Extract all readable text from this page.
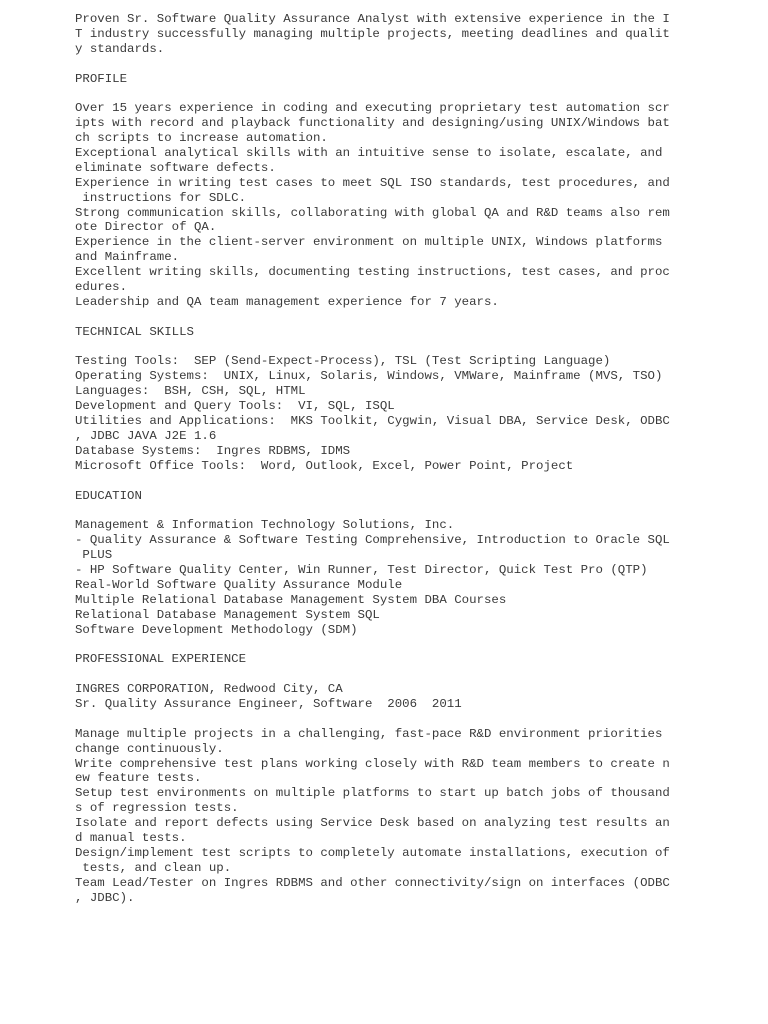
Proven Sr. Software Quality Assurance Analyst with extensive experience in the I
T industry successfully managing multiple projects, meeting deadlines and qualit
y standards.
PROFILE
Over 15 years experience in coding and executing proprietary test automation scr
ipts with record and playback functionality and designing/using UNIX/Windows bat
ch scripts to increase automation.
Exceptional analytical skills with an intuitive sense to isolate, escalate, and
eliminate software defects.
Experience in writing test cases to meet SQL ISO standards, test procedures, and
instructions for SDLC.
Strong communication skills, collaborating with global QA and R&D teams also rem
ote Director of QA.
Experience in the client-server environment on multiple UNIX, Windows platforms
and Mainframe.
Excellent writing skills, documenting testing instructions, test cases, and proc
edures.
Leadership and QA team management experience for 7 years.
TECHNICAL SKILLS
Testing Tools:  SEP (Send-Expect-Process), TSL (Test Scripting Language)
Operating Systems:  UNIX, Linux, Solaris, Windows, VMWare, Mainframe (MVS, TSO)
Languages:  BSH, CSH, SQL, HTML
Development and Query Tools:  VI, SQL, ISQL
Utilities and Applications:  MKS Toolkit, Cygwin, Visual DBA, Service Desk, ODBC
, JDBC JAVA J2E 1.6
Database Systems:  Ingres RDBMS, IDMS
Microsoft Office Tools:  Word, Outlook, Excel, Power Point, Project
EDUCATION
Management & Information Technology Solutions, Inc.
- Quality Assurance & Software Testing Comprehensive, Introduction to Oracle SQL
PLUS
- HP Software Quality Center, Win Runner, Test Director, Quick Test Pro (QTP)
Real-World Software Quality Assurance Module
Multiple Relational Database Management System DBA Courses
Relational Database Management System SQL
Software Development Methodology (SDM)
PROFESSIONAL EXPERIENCE
INGRES CORPORATION, Redwood City, CA
Sr. Quality Assurance Engineer, Software  2006  2011
Manage multiple projects in a challenging, fast-pace R&D environment priorities
change continuously.
Write comprehensive test plans working closely with R&D team members to create n
ew feature tests.
Setup test environments on multiple platforms to start up batch jobs of thousand
s of regression tests.
Isolate and report defects using Service Desk based on analyzing test results an
d manual tests.
Design/implement test scripts to completely automate installations, execution of
tests, and clean up.
Team Lead/Tester on Ingres RDBMS and other connectivity/sign on interfaces (ODBC
, JDBC).
